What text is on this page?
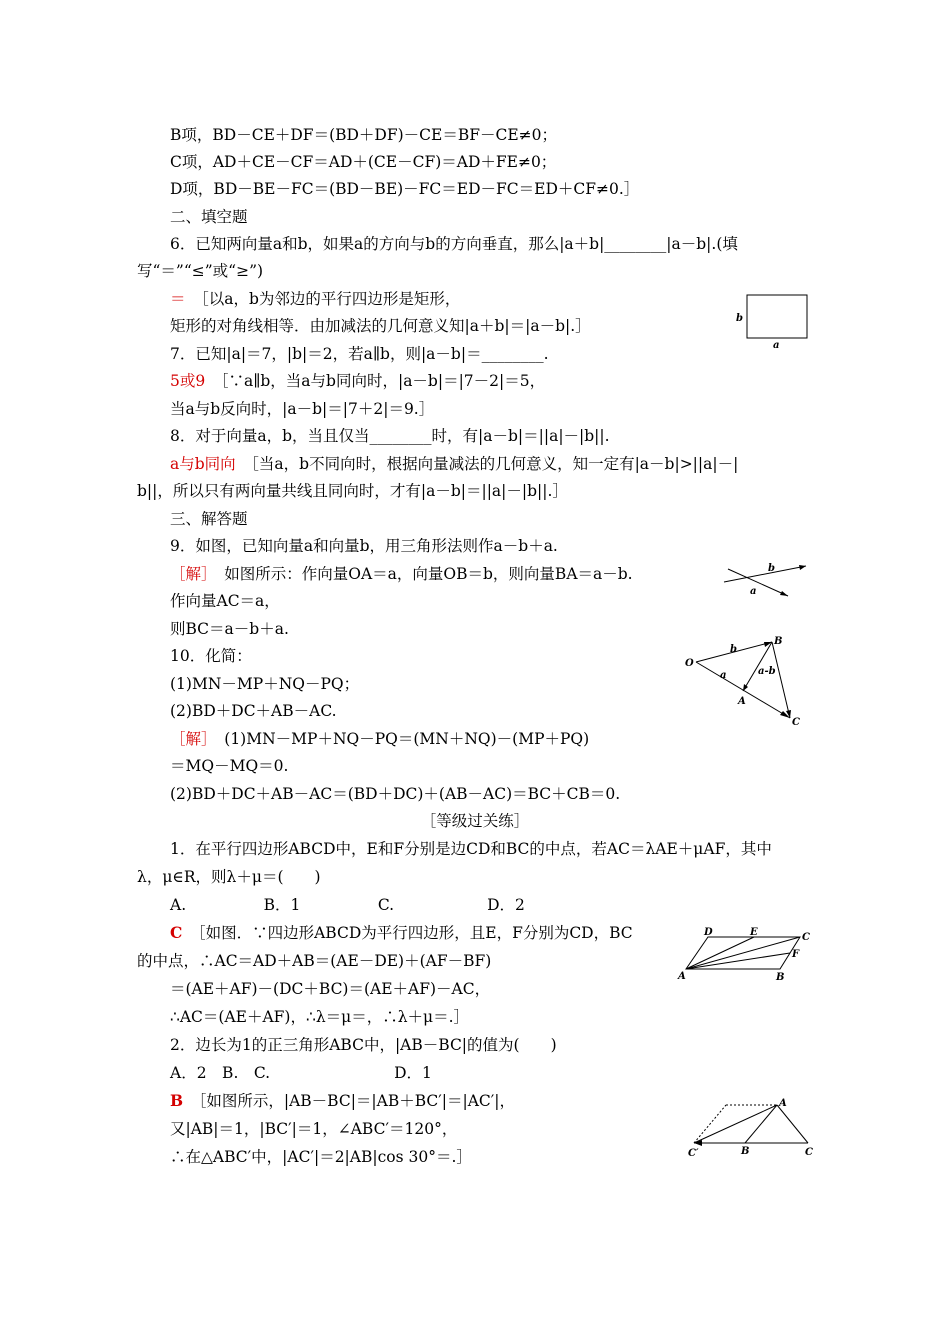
B项，BD－CE＋DF＝(BD＋DF)－CE＝BF－CE≠0；
C项，AD＋CE－CF＝AD＋(CE－CF)＝AD＋FE≠0；
D项，BD－BE－FC＝(BD－BE)－FC＝ED－FC＝ED＋CF≠0.］
二、填空题
6．已知两向量a和b，如果a的方向与b的方向垂直，那么|a＋b|________|a－b|.(填
写“＝”“≤”或“≥”)
＝　［以a，b为邻边的平行四边形是矩形，
矩形的对角线相等．由加减法的几何意义知|a＋b|＝|a－b|.］
7．已知|a|＝7，|b|＝2，若a∥b，则|a－b|＝________.
5或9　［∵a∥b，当a与b同向时，|a－b|＝|7－2|＝5，
当a与b反向时，|a－b|＝|7＋2|＝9.］
8．对于向量a，b，当且仅当________时，有|a－b|＝||a|－|b||.
a与b同向　［当a，b不同向时，根据向量减法的几何意义，知一定有|a－b|>||a|－|
b||，所以只有两向量共线且同向时，才有|a－b|＝||a|－|b||.］
三、解答题
9．如图，已知向量a和向量b，用三角形法则作a－b＋a.
［解］　如图所示：作向量OA＝a，向量OB＝b，则向量BA＝a－b.
作向量AC＝a，
则BC＝a－b＋a.
10．化简：
(1)MN－MP＋NQ－PQ；
(2)BD＋DC＋AB－AC.
［解］　(1)MN－MP＋NQ－PQ＝(MN＋NQ)－(MP＋PQ)
＝MQ－MQ＝0.
(2)BD＋DC＋AB－AC＝(BD＋DC)＋(AB－AC)＝BC＋CB＝0.
［等级过关练］
1．在平行四边形ABCD中，E和F分别是边CD和BC的中点，若AC＝λAE＋μAF，其中
λ，μ∈R，则λ＋μ＝(　　)
A.　　　　　B．1　　　　　C.　　　　　　D．2
C　［如图．∵四边形ABCD为平行四边形，且E，F分别为CD，BC
的中点，∴AC＝AD＋AB＝(AE－DE)＋(AF－BF)
＝(AE＋AF)－(DC＋BC)＝(AE＋AF)－AC，
∴AC＝(AE＋AF)，∴λ＝μ＝，∴λ＋μ＝.］
2．边长为1的正三角形ABC中，|AB－BC|的值为(　　)
A．2　B.　C.　　　　　　　　D．1
B　［如图所示，|AB－BC|＝|AB＋BC′|＝|AC′|，
又|AB|＝1，|BC′|＝1，∠ABC′＝120°，
∴在△ABC′中，|AC′|＝2|AB|cos 30°＝.］
b
a
b
a
O
B
A
C
b
a	a-b
D	E	C
F
A	B
A
C′	B	C
